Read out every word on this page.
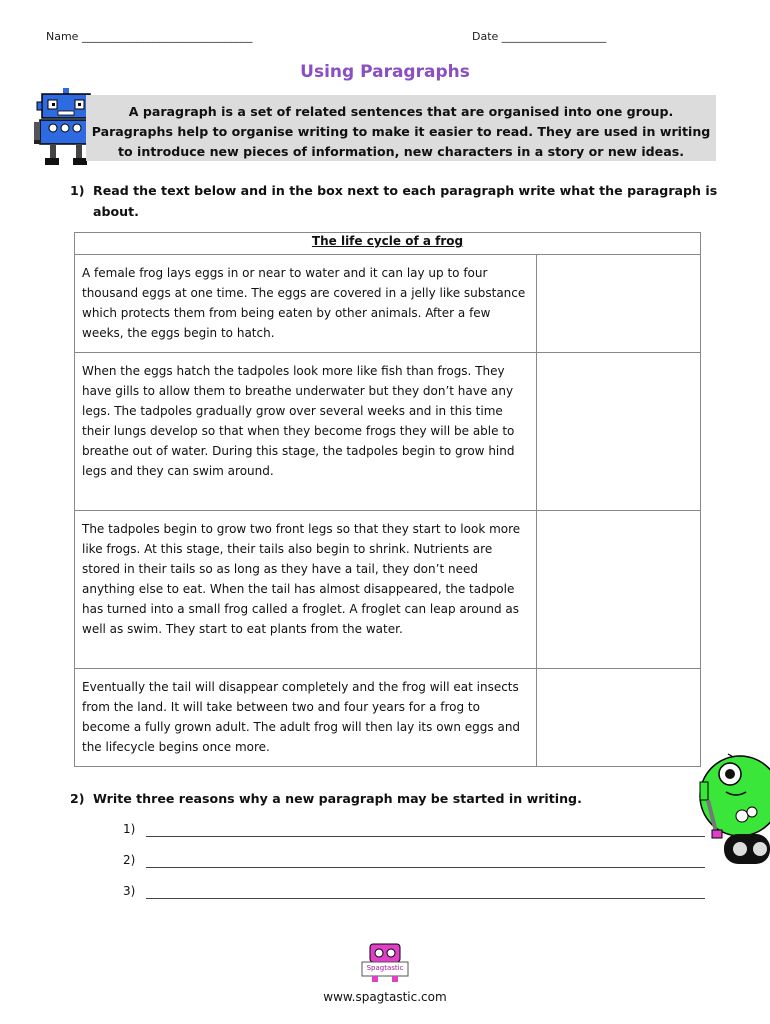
Name _______________________________	Date ___________________
Using Paragraphs
A paragraph is a set of related sentences that are organised into one group.
Paragraphs help to organise writing to make it easier to read. They are used in writing
to introduce new pieces of information, new characters in a story or new ideas.
1) Read the text below and in the box next to each paragraph write what the paragraph is
about.
The life cycle of a frog	
A female frog lays eggs in or near to water and it can lay up to four thousand eggs at one time. The eggs are covered in a jelly like substance which protects them from being eaten by other animals. After a few weeks, the eggs begin to hatch.	
When the eggs hatch the tadpoles look more like fish than frogs. They have gills to allow them to breathe underwater but they don’t have any legs. The tadpoles gradually grow over several weeks and in this time their lungs develop so that when they become frogs they will be able to breathe out of water. During this stage, the tadpoles begin to grow hind legs and they can swim around.	
The tadpoles begin to grow two front legs so that they start to look more like frogs. At this stage, their tails also begin to shrink. Nutrients are stored in their tails so as long as they have a tail, they don’t need anything else to eat. When the tail has almost disappeared, the tadpole has turned into a small frog called a froglet. A froglet can leap around as well as swim. They start to eat plants from the water.	
Eventually the tail will disappear completely and the frog will eat insects from the land. It will take between two and four years for a frog to become a fully grown adult. The adult frog will then lay its own eggs and the lifecycle begins once more.	
2) Write three reasons why a new paragraph may be started in writing.
1)
2)
3)
Spagtastic
www.spagtastic.com
